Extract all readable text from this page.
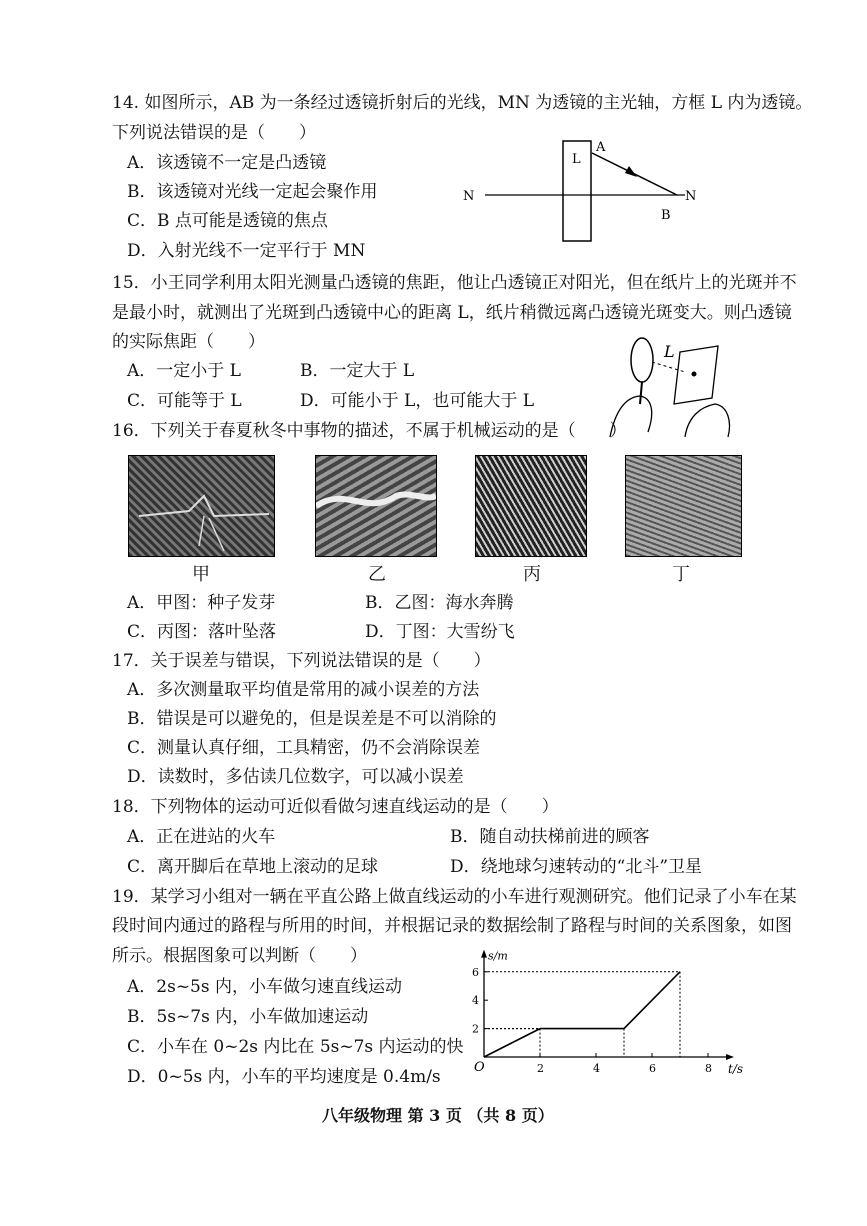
14. 如图所示，AB 为一条经过透镜折射后的光线，MN 为透镜的主光轴，方框 L 内为透镜。
下列说法错误的是（　　）
A．该透镜不一定是凸透镜
B．该透镜对光线一定起会聚作用
C．B 点可能是透镜的焦点
D．入射光线不一定平行于 MN
L
A
B
N	N
15．小王同学利用太阳光测量凸透镜的焦距，他让凸透镜正对阳光，但在纸片上的光斑并不
是最小时，就测出了光斑到凸透镜中心的距离 L，纸片稍微远离凸透镜光斑变大。则凸透镜
的实际焦距（　　）
A．一定小于 L	B．一定大于 L
C．可能等于 L	D．可能小于 L，也可能大于 L
L
16．下列关于春夏秋冬中事物的描述，不属于机械运动的是（　　）
甲	乙	丙	丁
A．甲图：种子发芽	B．乙图：海水奔腾
C．丙图：落叶坠落	D．丁图：大雪纷飞
17．关于误差与错误，下列说法错误的是（　　）
A．多次测量取平均值是常用的减小误差的方法
B．错误是可以避免的，但是误差是不可以消除的
C．测量认真仔细，工具精密，仍不会消除误差
D．读数时，多估读几位数字，可以减小误差
18．下列物体的运动可近似看做匀速直线运动的是（　　）
A．正在进站的火车	B．随自动扶梯前进的顾客
C．离开脚后在草地上滚动的足球	D．绕地球匀速转动的“北斗”卫星
19．某学习小组对一辆在平直公路上做直线运动的小车进行观测研究。他们记录了小车在某
段时间内通过的路程与所用的时间，并根据记录的数据绘制了路程与时间的关系图象，如图
所示。根据图象可以判断（　　）
A．2s~5s 内，小车做匀速直线运动
B．5s~7s 内，小车做加速运动
C．小车在 0~2s 内比在 5s~7s 内运动的快
D．0~5s 内，小车的平均速度是 0.4m/s
s/m
t/s
O	2	4	6	8
2
4
6
八年级物理 第 3 页 （共 8 页）
